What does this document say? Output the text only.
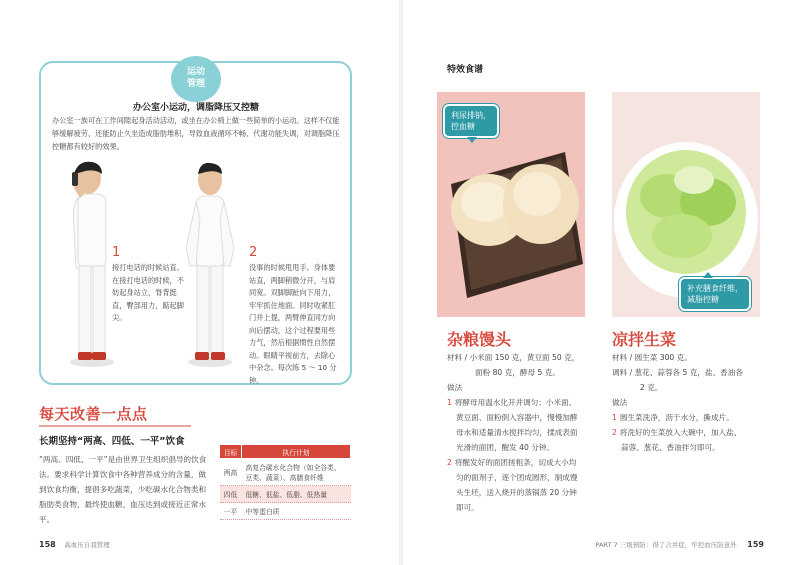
运动
管理
办公室小运动，调脂降压又控糖
办公室一族可在工作间隙起身活动活动，或坐在办公椅上做一些简单的小运动。这样不仅能够缓解疲劳，还能防止久坐造成脂肪堆积，导致血液循环不畅、代谢功能失调，对调脂降压控糖都有较好的效果。
1
接打电话的时候站直。在接打电话的时候，不妨起身站立，脊背挺直，臀部用力，踮起脚尖。
2
没事的时候甩甩手。身体要站直，两脚稍微分开，与肩同宽。双脚脚趾向下用力，牢牢抓住地面。同时收紧肛门并上提，两臂伸直同方向向后摆动，这个过程要用些力气，然后根据惯性自然摆动。眼睛平视前方，去除心中杂念。每次练 5 ～ 10 分钟。
每天改善一点点
长期坚持“两高、四低、一平”饮食
“两高、四低、一平”是由世界卫生组织倡导的饮食法。要求科学计算饮食中各种营养成分的含量，做到饮食均衡，提倡多吃蔬菜，少吃碳水化合物类和脂肪类食物，最终使血糖、血压达到或接近正常水平。
目标	执行计划
两高	高复合碳水化合物（如全谷类、豆类、蔬菜）、高膳食纤维
四低	低糖、低盐、低脂、低热量
一平	中等蛋白质
158 高血压自我管理
特效食谱
利尿排钠，
控血糖
补充膳食纤维，
减脂控糖
杂粮馒头
材料 / 小米面 150 克，黄豆面 50 克，
面粉 80 克，酵母 5 克。
做法
1 将酵母用温水化开并调匀；小米面、
黄豆面、面粉倒入容器中，慢慢加酵
母水和适量清水搅拌均匀，揉成表面
光滑的面团，醒发 40 分钟。
2 将醒发好的面团搓粗条，切成大小均
匀的面剂子，逐个团成圆形，制成馒
头生坯，送入烧开的蒸锅蒸 20 分钟
即可。
凉拌生菜
材料 / 圆生菜 300 克。
调料 / 葱花、蒜蓉各 5 克，盐、香油各
2 克。
做法
1 圆生菜洗净，沥干水分，撕成片。
2 将洗好的生菜放入大碗中，加入盐、
蒜蓉、葱花、香油拌匀即可。
PART 7 三级预防：得了合并症，牢控血压防意外 159
